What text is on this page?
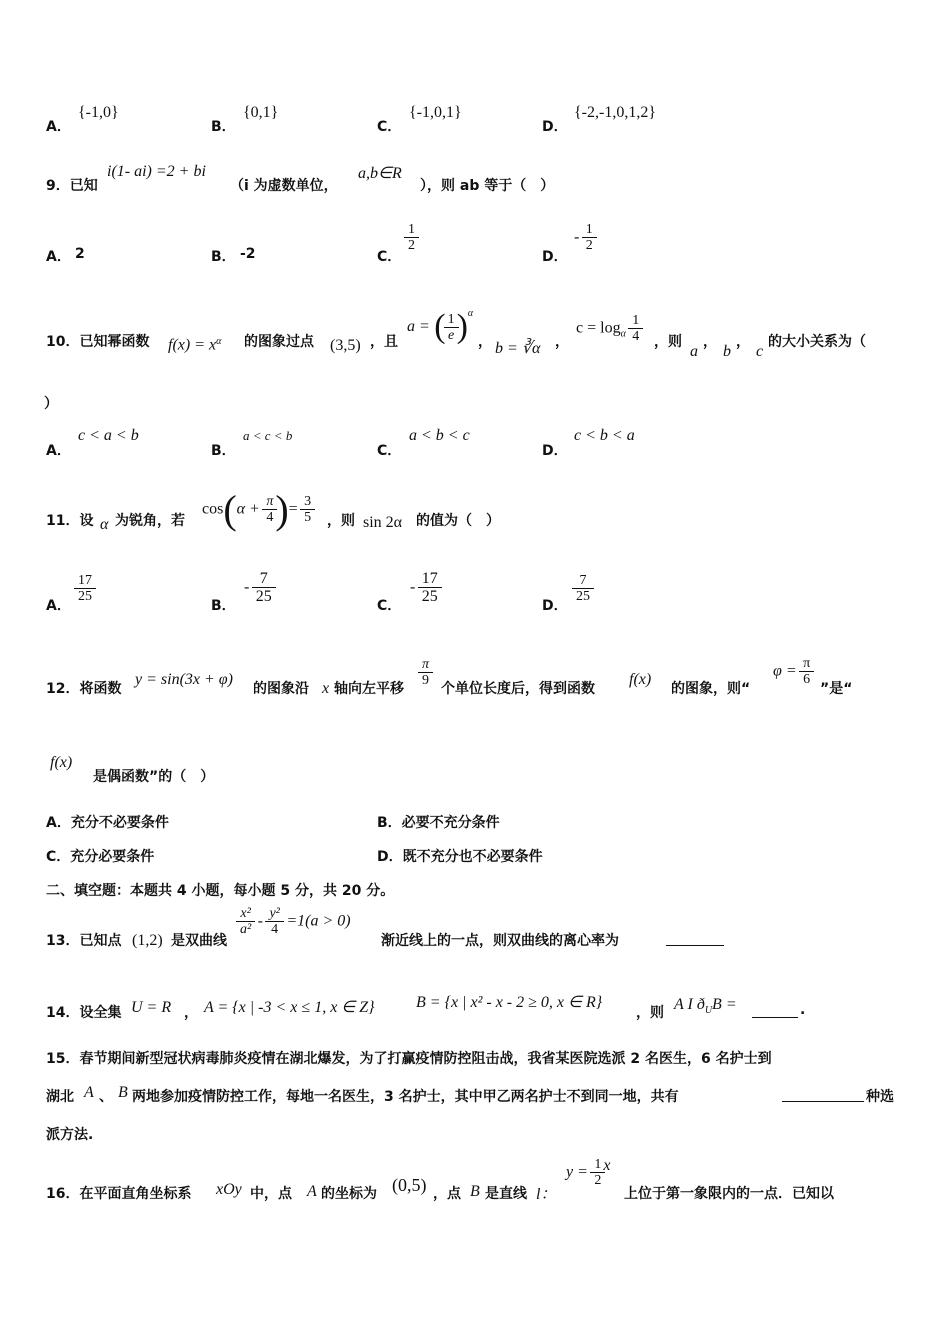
A．
{-1,0}
B．
{0,1}
C．
{-1,0,1}
D．
{-2,-1,0,1,2}
9．已知
i(1- ai) =2 + bi
（i 为虚数单位，
a,b∈R
），则 ab 等于（　）
A． 2	B． -2	C．
$\frac{1}{2}$
D．
- $\frac{1}{2}$
10．已知幂函数 $f(x) = x^\alpha$ 的图象过点 (3,5) ，且
a = ( $\frac{1}{e} )^\alpha$
， b = ∛α ，
$c = \log_\alpha \frac{1}{4}$ ，则
a
，
b
，
c
的大小关系为（
）
A．
c < a < b
B．
a < c < b
C．
a < b < c
D．
c < b < a
11．设 α 为锐角，若
$\cos(\alpha + \frac{\pi}{4}$ )= $\frac{3}{5}$ ，则 sin 2α 的值为（　）
A．
$\frac{17}{25}$
B．
- $\frac{7}{25}$
C．
- $\frac{17}{25}$
D．
$\frac{7}{25}$
12．将函数
y = sin(3x + φ)
的图象沿 x 轴向左平移
$\frac{\pi}{9}$
个单位长度后，得到函数
f(x)
的图象，则“
$\varphi = \frac{\pi}{6}$
”是“
f(x)
是偶函数”的（　）
A．充分不必要条件	B．必要不充分条件
C．充分必要条件	D．既不充分也不必要条件
二、填空题：本题共 4 小题，每小题 5 分，共 20 分。
13．已知点 (1,2) 是双曲线
$\frac{\text{x²}}{\text{a²}} - \frac{\text{y²}}{4} =1(a > 0)$
渐近线上的一点，则双曲线的离心率为
14．设全集 U = R ， A = {x | -3 < x ≤ 1, x ∈ Z}	B = {x | x² - x - 2 ≥ 0, x ∈ R}
，则 A I $ð_UB$ =	.
15．春节期间新型冠状病毒肺炎疫情在湖北爆发，为了打赢疫情防控阻击战，我省某医院选派 2 名医生，6 名护士到
湖北 A 、 B 两地参加疫情防控工作，每地一名医生，3 名护士，其中甲乙两名护士不到同一地，共有	种选
派方法.
16．在平面直角坐标系 xOy 中，点 A 的坐标为 (0,5) ，点 B 是直线 l：
$y = \frac{1}{2}$ x
上位于第一象限内的一点．已知以
